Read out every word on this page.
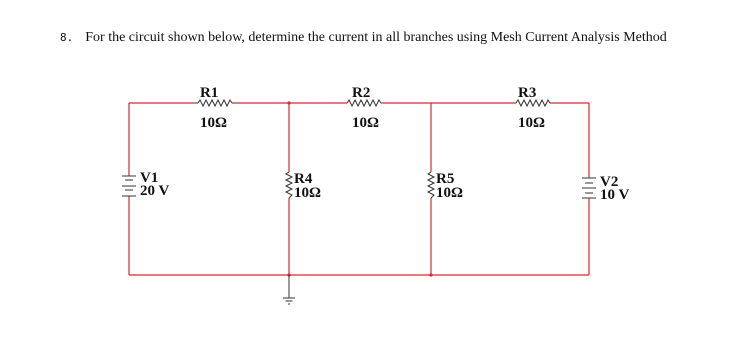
8. For the circuit shown below, determine the current in all branches using Mesh Current Analysis Method
R1
10Ω
R2
10Ω
R3
10Ω
R4
10Ω
R5
10Ω
V1
20 V
V2
10 V
